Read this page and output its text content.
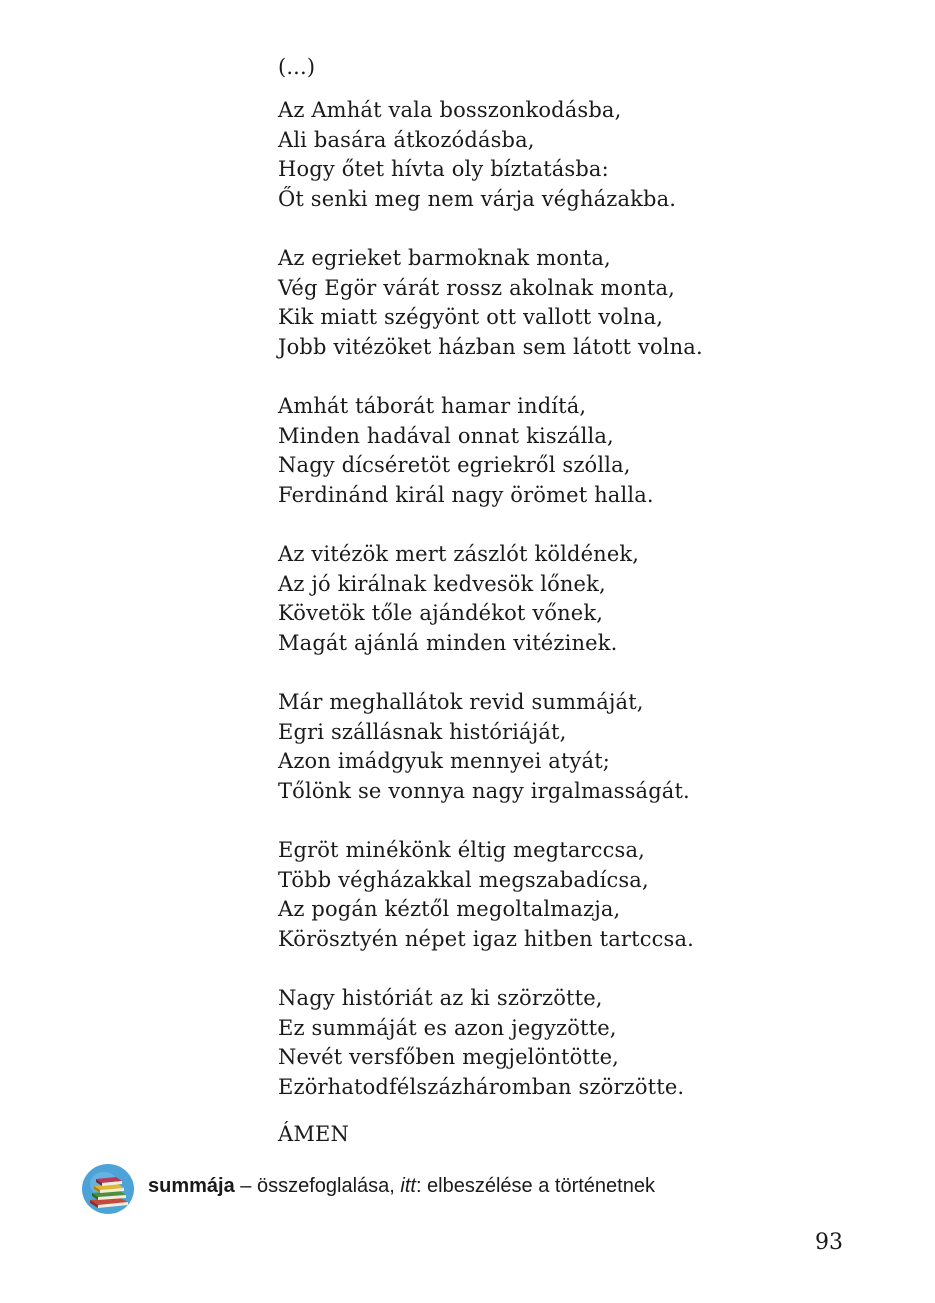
(...)
Az Amhát vala bosszonkodásba,
Ali basára átkozódásba,
Hogy őtet hívta oly bíztatásba:
Őt senki meg nem várja végházakba.
Az egrieket barmoknak monta,
Vég Egör várát rossz akolnak monta,
Kik miatt szégyönt ott vallott volna,
Jobb vitézöket házban sem látott volna.
Amhát táborát hamar indítá,
Minden hadával onnat kiszálla,
Nagy dícséretöt egriekről szólla,
Ferdinánd királ nagy örömet halla.
Az vitézök mert zászlót köldének,
Az jó királnak kedvesök lőnek,
Követök tőle ajándékot vőnek,
Magát ajánlá minden vitézinek.
Már meghallátok revid summáját,
Egri szállásnak históriáját,
Azon imádgyuk mennyei atyát;
Tőlönk se vonnya nagy irgalmasságát.
Egröt minékönk éltig megtarccsa,
Több végházakkal megszabadícsa,
Az pogán kéztől megoltalmazja,
Körösztyén népet igaz hitben tartccsa.
Nagy históriát az ki szörzötte,
Ez summáját es azon jegyzötte,
Nevét versfőben megjelöntötte,
Ezörhatodfélszázháromban szörzötte.
ÁMEN
summája – összefoglalása, itt: elbeszélése a történetnek
93
